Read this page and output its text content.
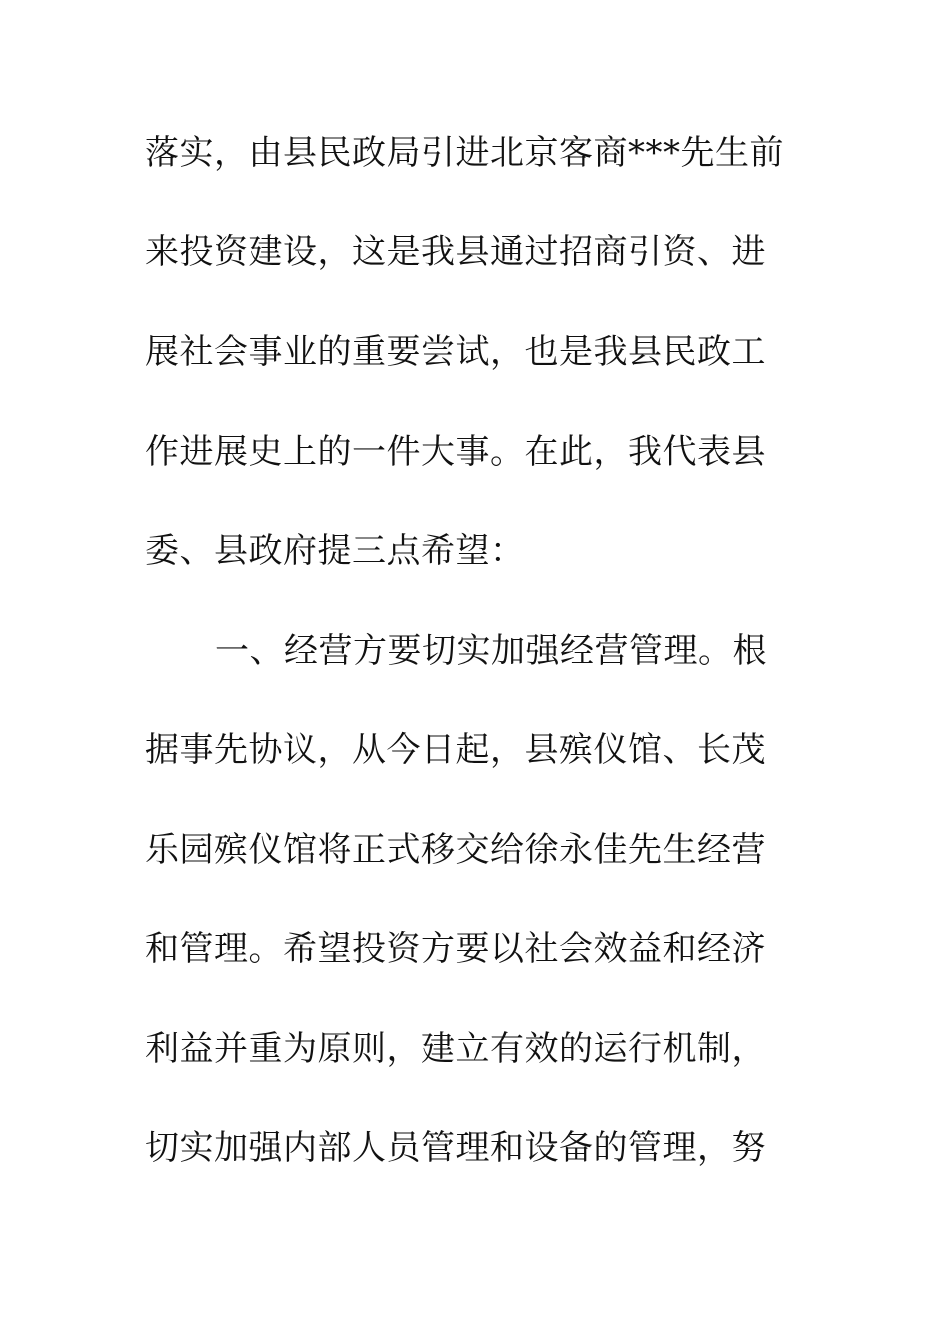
落实，由县民政局引进北京客商***先生前
来投资建设，这是我县通过招商引资、进
展社会事业的重要尝试，也是我县民政工
作进展史上的一件大事。在此，我代表县
委、县政府提三点希望：
一、经营方要切实加强经营管理。根
据事先协议，从今日起，县殡仪馆、长茂
乐园殡仪馆将正式移交给徐永佳先生经营
和管理。希望投资方要以社会效益和经济
利益并重为原则，建立有效的运行机制，
切实加强内部人员管理和设备的管理，努
